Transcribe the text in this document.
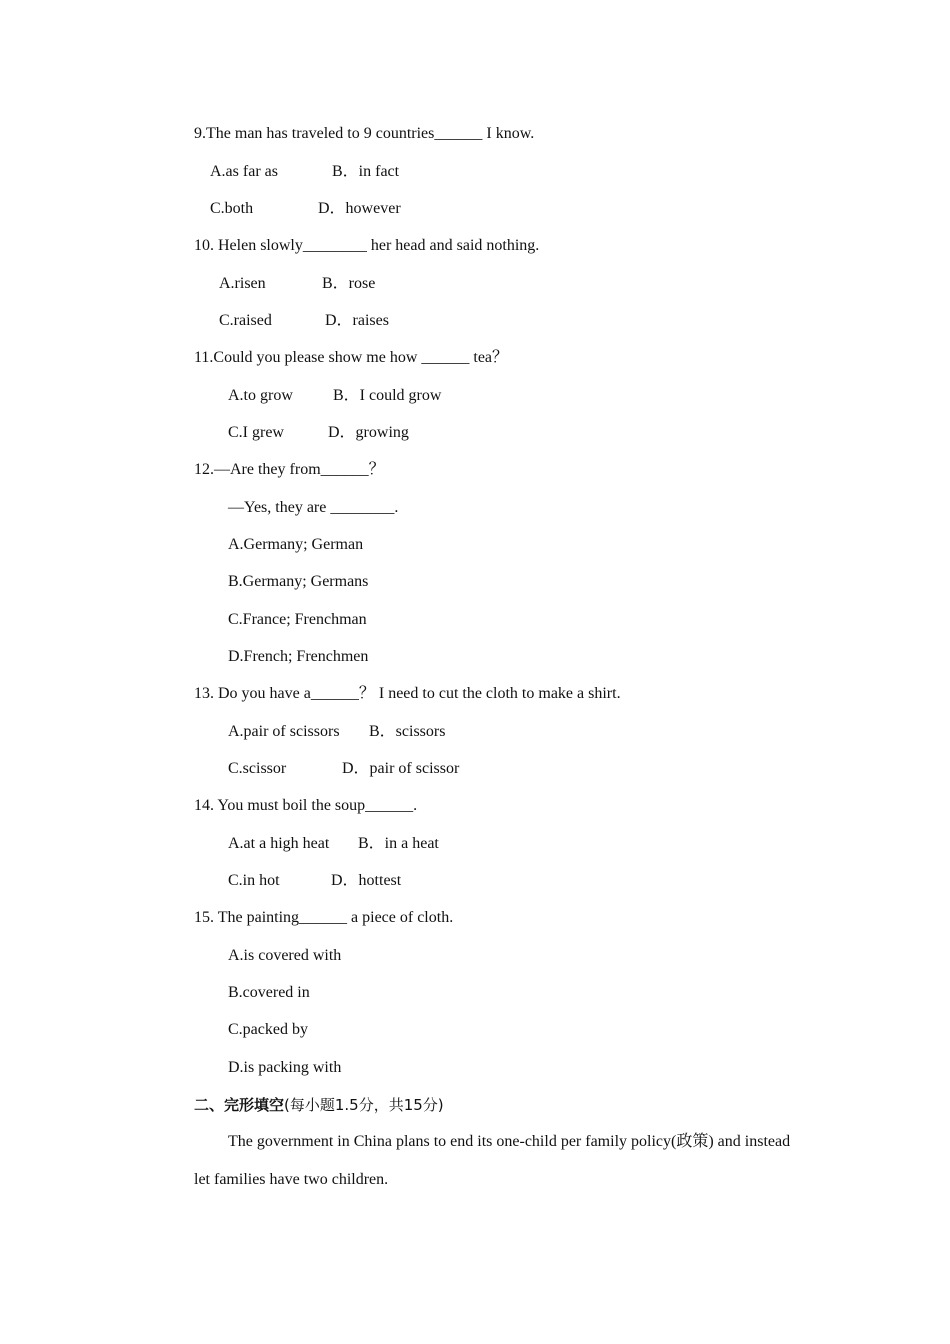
9.The man has traveled to 9 countries______ I know.
A.as far as	B．in fact
C.both	D．however
10. Helen slowly________ her head and said nothing.
A.risen	B．rose
C.raised	D．raises
11.Could you please show me how ______ tea？
A.to grow	B．I could grow
C.I grew	D．growing
12.—Are they from______？
—Yes, they are ________.
A.Germany; German
B.Germany; Germans
C.France; Frenchman
D.French; Frenchmen
13. Do you have a______？ I need to cut the cloth to make a shirt.
A.pair of scissors B．scissors
C.scissor	D．pair of scissor
14. You must boil the soup______.
A.at a high heat B．in a heat
C.in hot	D．hottest
15. The painting______ a piece of cloth.
A.is covered with
B.covered in
C.packed by
D.is packing with
二、完形填空(每小题1.5分，共15分)
The government in China plans to end its one-child per family policy(政策) and instead
let families have two children.
